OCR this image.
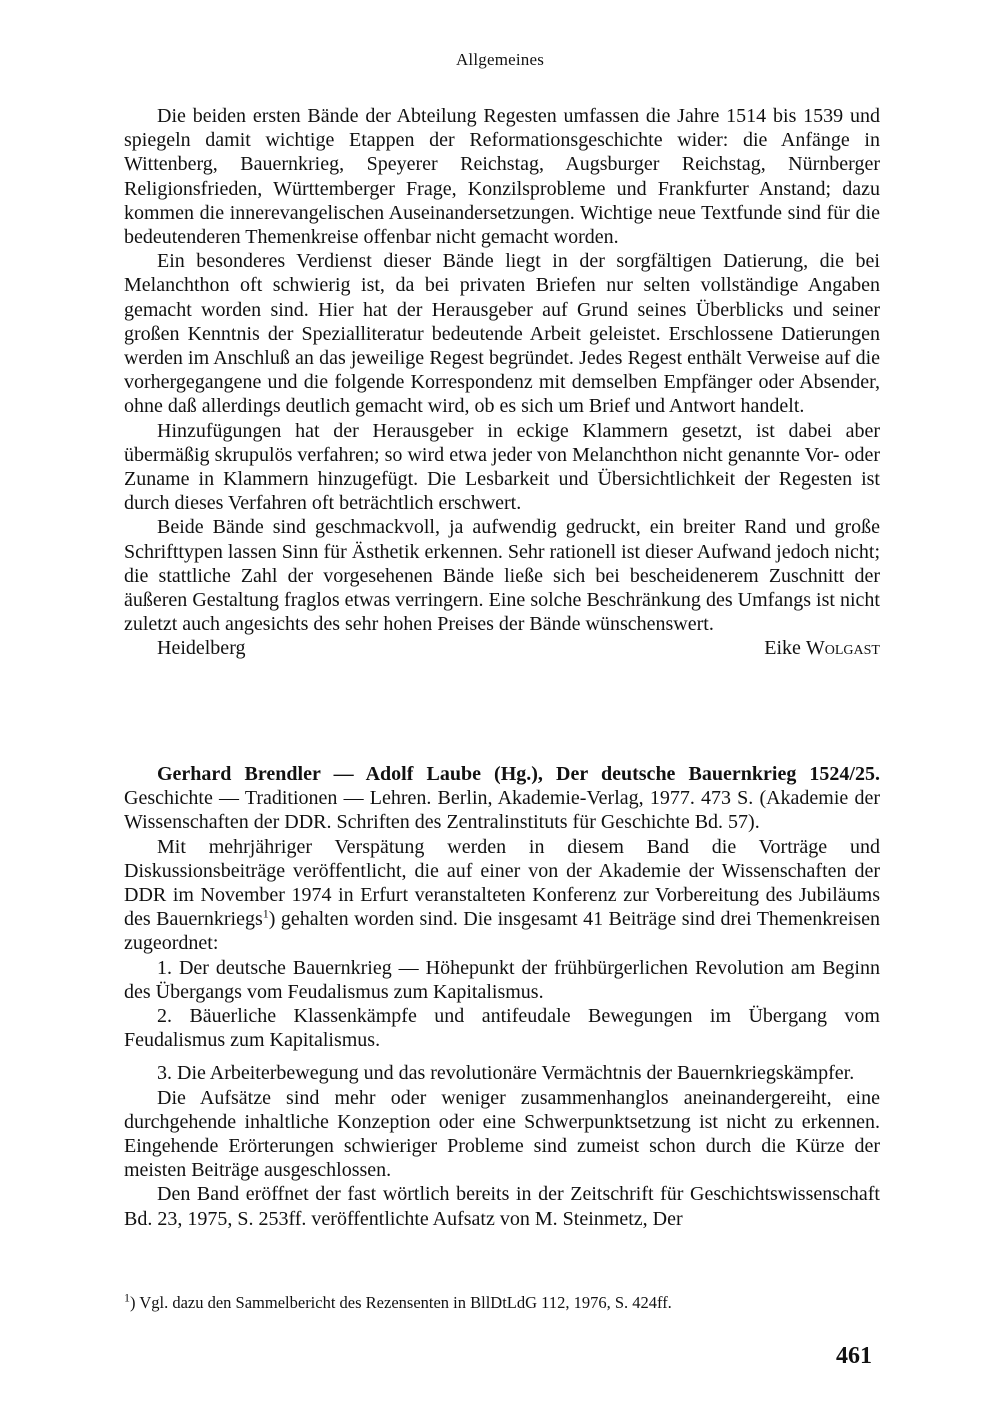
Allgemeines

Die beiden ersten Bände der Abteilung Regesten umfassen die Jahre 1514 bis 1539 und spiegeln damit wichtige Etappen der Reformationsgeschichte wider: die Anfänge in Wittenberg, Bauernkrieg, Speyerer Reichstag, Augsburger Reichstag, Nürnberger Religionsfrieden, Württemberger Frage, Konzilsprobleme und Frankfurter Anstand; dazu kommen die innerevangelischen Auseinandersetzungen. Wichtige neue Textfunde sind für die bedeutenderen Themenkreise offenbar nicht gemacht worden.

Ein besonderes Verdienst dieser Bände liegt in der sorgfältigen Datierung, die bei Melanchthon oft schwierig ist, da bei privaten Briefen nur selten vollständige Angaben gemacht worden sind. Hier hat der Herausgeber auf Grund seines Überblicks und seiner großen Kenntnis der Spezialliteratur bedeutende Arbeit geleistet. Erschlossene Datierungen werden im Anschluß an das jeweilige Regest begründet. Jedes Regest enthält Verweise auf die vorhergegangene und die folgende Korrespondenz mit demselben Empfänger oder Absender, ohne daß allerdings deutlich gemacht wird, ob es sich um Brief und Antwort handelt.

Hinzufügungen hat der Herausgeber in eckige Klammern gesetzt, ist dabei aber übermäßig skrupulös verfahren; so wird etwa jeder von Melanchthon nicht genannte Vor- oder Zuname in Klammern hinzugefügt. Die Lesbarkeit und Übersichtlichkeit der Regesten ist durch dieses Verfahren oft beträchtlich erschwert.

Beide Bände sind geschmackvoll, ja aufwendig gedruckt, ein breiter Rand und große Schrifttypen lassen Sinn für Ästhetik erkennen. Sehr rationell ist dieser Aufwand jedoch nicht; die stattliche Zahl der vorgesehenen Bände ließe sich bei bescheidenerem Zuschnitt der äußeren Gestaltung fraglos etwas verringern. Eine solche Beschränkung des Umfangs ist nicht zuletzt auch angesichts des sehr hohen Preises der Bände wünschenswert.

Heidelberg	Eike Wolgast

Gerhard Brendler — Adolf Laube (Hg.), Der deutsche Bauernkrieg 1524/25. Geschichte — Traditionen — Lehren. Berlin, Akademie-Verlag, 1977. 473 S. (Akademie der Wissenschaften der DDR. Schriften des Zentralinstituts für Geschichte Bd. 57).

Mit mehrjähriger Verspätung werden in diesem Band die Vorträge und Diskussionsbeiträge veröffentlicht, die auf einer von der Akademie der Wissenschaften der DDR im November 1974 in Erfurt veranstalteten Konferenz zur Vorbereitung des Jubiläums des Bauernkriegs$^1$) gehalten worden sind. Die insgesamt 41 Beiträge sind drei Themenkreisen zugeordnet:

1. Der deutsche Bauernkrieg — Höhepunkt der frühbürgerlichen Revolution am Beginn des Übergangs vom Feudalismus zum Kapitalismus.

2. Bäuerliche Klassenkämpfe und antifeudale Bewegungen im Übergang vom Feudalismus zum Kapitalismus.

3. Die Arbeiterbewegung und das revolutionäre Vermächtnis der Bauernkriegskämpfer.

Die Aufsätze sind mehr oder weniger zusammenhanglos aneinandergereiht, eine durchgehende inhaltliche Konzeption oder eine Schwerpunktsetzung ist nicht zu erkennen. Eingehende Erörterungen schwieriger Probleme sind zumeist schon durch die Kürze der meisten Beiträge ausgeschlossen.

Den Band eröffnet der fast wörtlich bereits in der Zeitschrift für Geschichtswissenschaft Bd. 23, 1975, S. 253ff. veröffentlichte Aufsatz von M. Steinmetz, Der

$^1$) Vgl. dazu den Sammelbericht des Rezensenten in BllDtLdG 112, 1976, S. 424ff.
461
